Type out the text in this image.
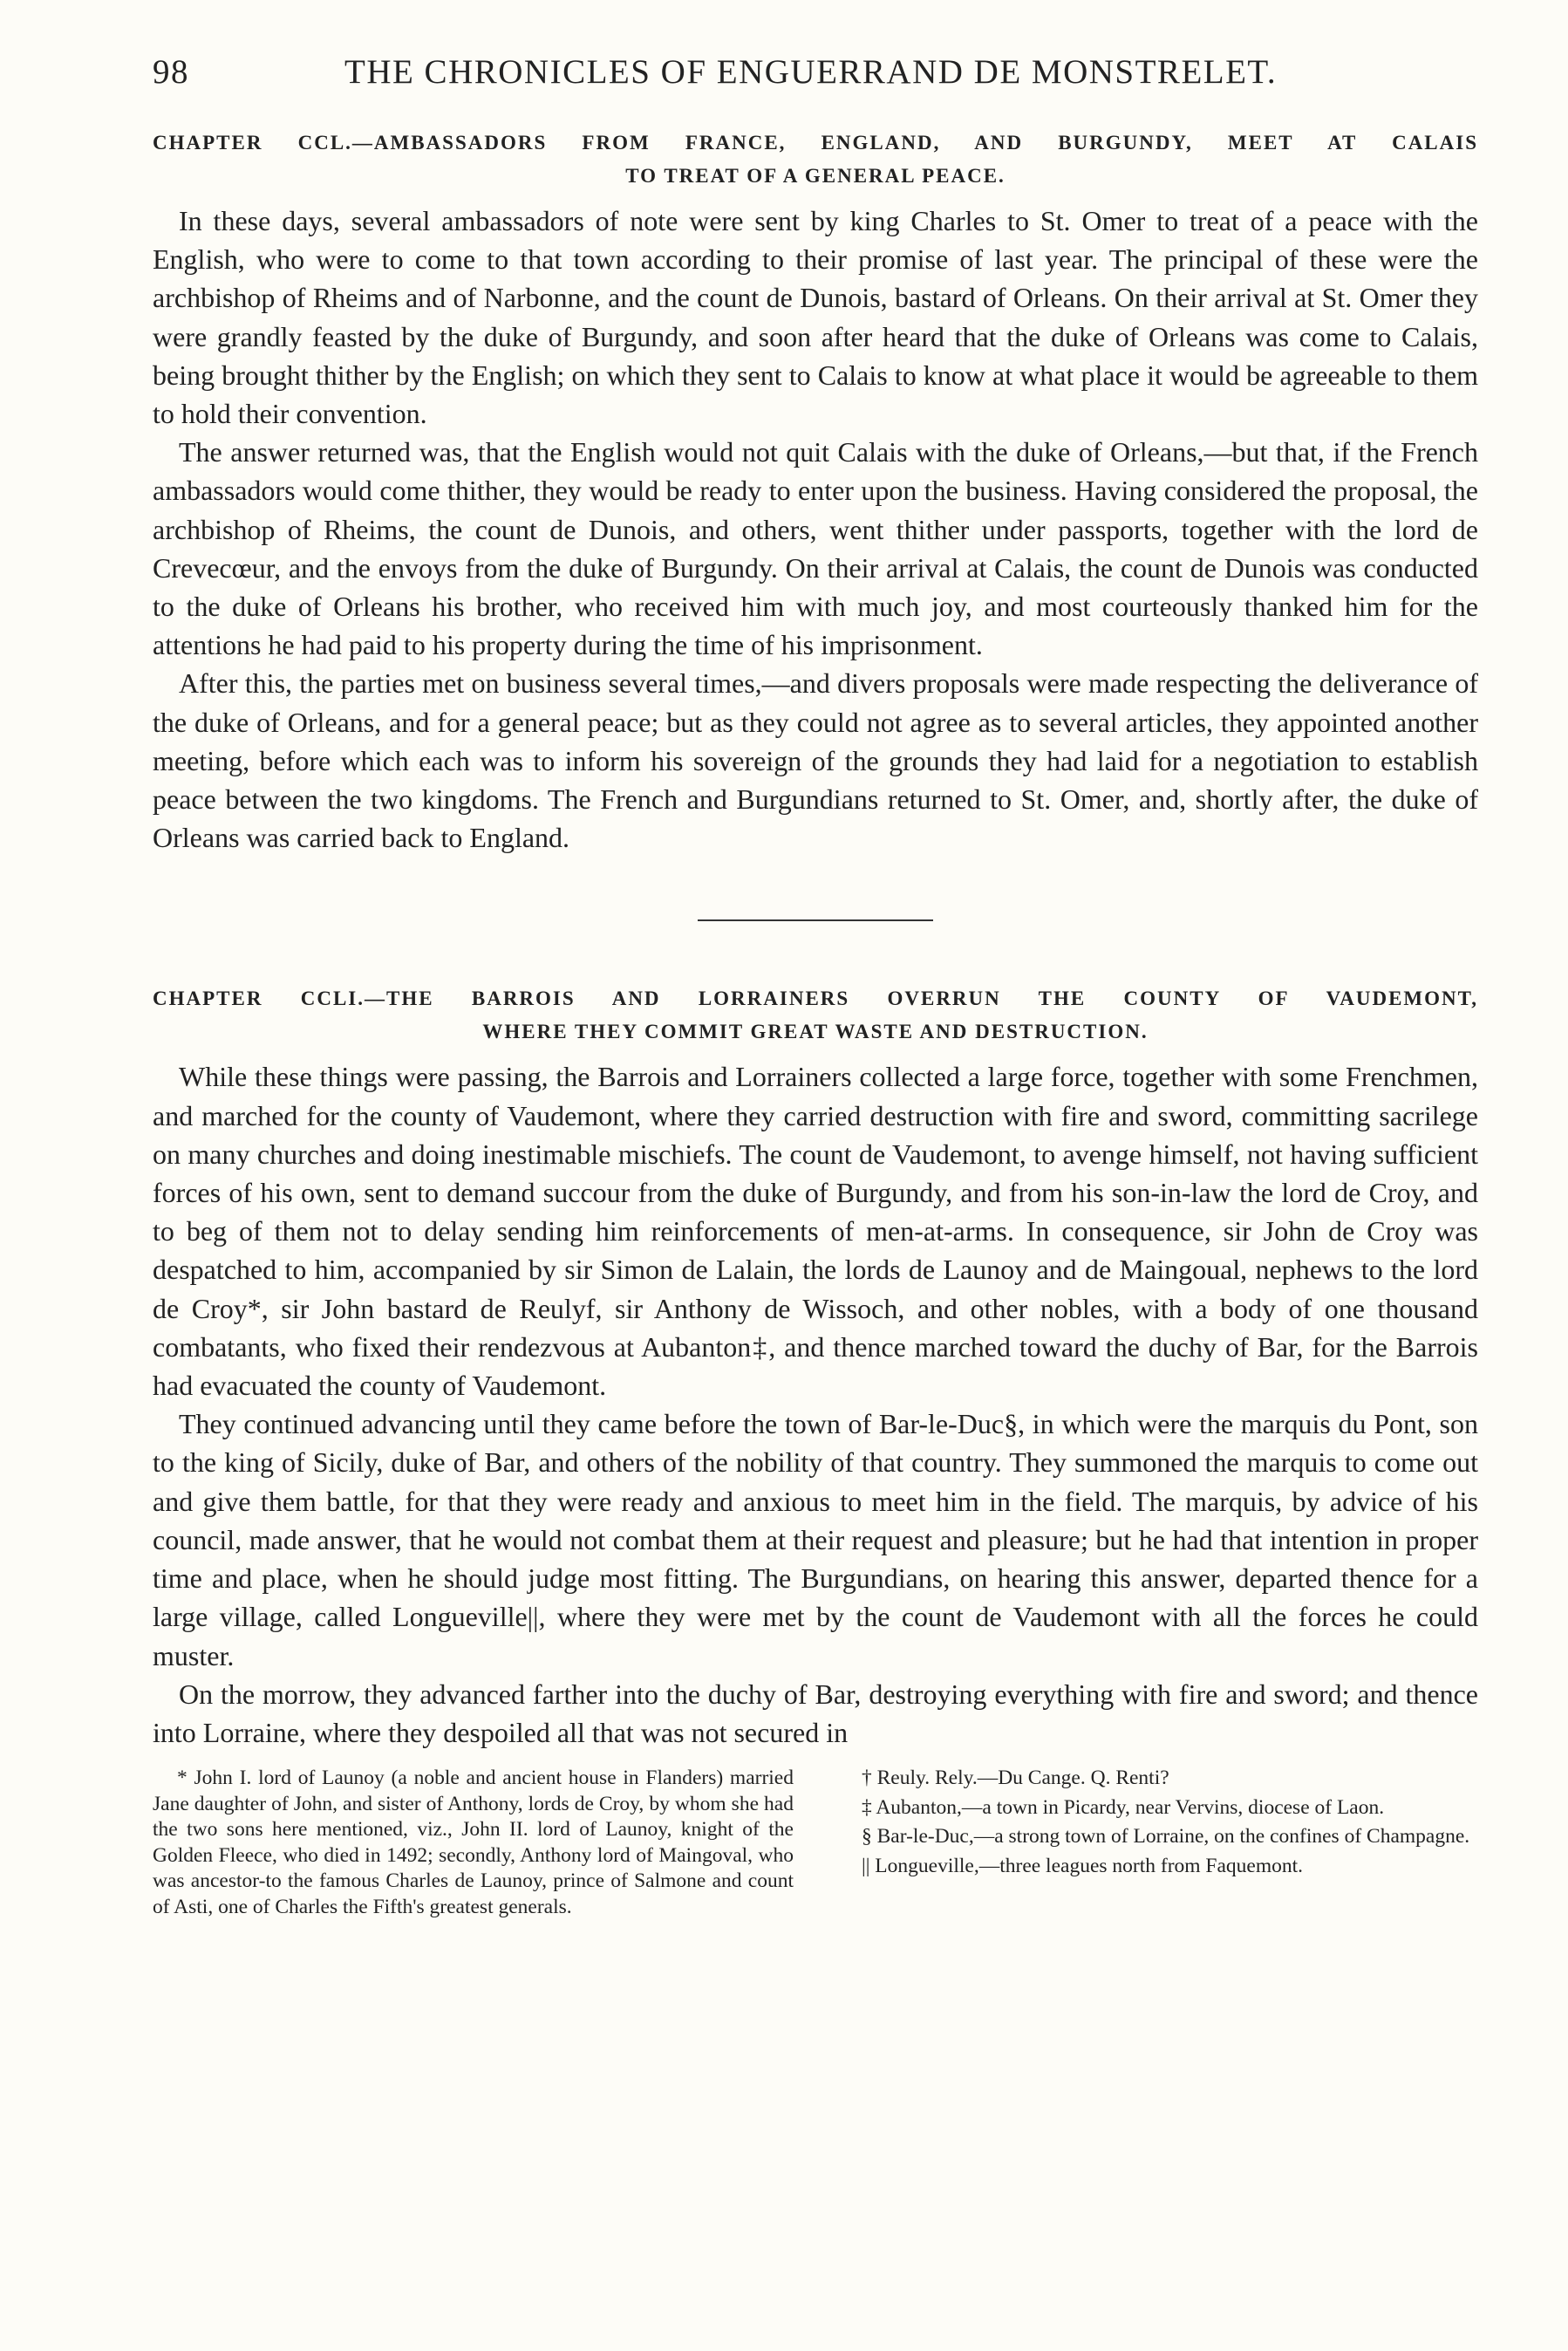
98	THE CHRONICLES OF ENGUERRAND DE MONSTRELET.
CHAPTER CCL.—AMBASSADORS FROM FRANCE, ENGLAND, AND BURGUNDY, MEET AT CALAIS
TO TREAT OF A GENERAL PEACE.

In these days, several ambassadors of note were sent by king Charles to St. Omer to treat of a peace with the English, who were to come to that town according to their promise of last year. The principal of these were the archbishop of Rheims and of Narbonne, and the count de Dunois, bastard of Orleans. On their arrival at St. Omer they were grandly feasted by the duke of Burgundy, and soon after heard that the duke of Orleans was come to Calais, being brought thither by the English; on which they sent to Calais to know at what place it would be agreeable to them to hold their convention.

The answer returned was, that the English would not quit Calais with the duke of Orleans,—but that, if the French ambassadors would come thither, they would be ready to enter upon the business. Having considered the proposal, the archbishop of Rheims, the count de Dunois, and others, went thither under passports, together with the lord de Crevecœur, and the envoys from the duke of Burgundy. On their arrival at Calais, the count de Dunois was conducted to the duke of Orleans his brother, who received him with much joy, and most courteously thanked him for the attentions he had paid to his property during the time of his imprisonment.

After this, the parties met on business several times,—and divers proposals were made respecting the deliverance of the duke of Orleans, and for a general peace; but as they could not agree as to several articles, they appointed another meeting, before which each was to inform his sovereign of the grounds they had laid for a negotiation to establish peace between the two kingdoms. The French and Burgundians returned to St. Omer, and, shortly after, the duke of Orleans was carried back to England.

CHAPTER CCLI.—THE BARROIS AND LORRAINERS OVERRUN THE COUNTY OF VAUDEMONT,
WHERE THEY COMMIT GREAT WASTE AND DESTRUCTION.

While these things were passing, the Barrois and Lorrainers collected a large force, together with some Frenchmen, and marched for the county of Vaudemont, where they carried destruction with fire and sword, committing sacrilege on many churches and doing inestimable mischiefs. The count de Vaudemont, to avenge himself, not having sufficient forces of his own, sent to demand succour from the duke of Burgundy, and from his son-in-law the lord de Croy, and to beg of them not to delay sending him reinforcements of men-at-arms. In consequence, sir John de Croy was despatched to him, accompanied by sir Simon de Lalain, the lords de Launoy and de Maingoual, nephews to the lord de Croy*, sir John bastard de Reulyf, sir Anthony de Wissoch, and other nobles, with a body of one thousand combatants, who fixed their rendezvous at Aubanton‡, and thence marched toward the duchy of Bar, for the Barrois had evacuated the county of Vaudemont.

They continued advancing until they came before the town of Bar-le-Duc§, in which were the marquis du Pont, son to the king of Sicily, duke of Bar, and others of the nobility of that country. They summoned the marquis to come out and give them battle, for that they were ready and anxious to meet him in the field. The marquis, by advice of his council, made answer, that he would not combat them at their request and pleasure; but he had that intention in proper time and place, when he should judge most fitting. The Burgundians, on hearing this answer, departed thence for a large village, called Longueville||, where they were met by the count de Vaudemont with all the forces he could muster.

On the morrow, they advanced farther into the duchy of Bar, destroying everything with fire and sword; and thence into Lorraine, where they despoiled all that was not secured in

* John I. lord of Launoy (a noble and ancient house in Flanders) married Jane daughter of John, and sister of Anthony, lords de Croy, by whom she had the two sons here mentioned, viz., John II. lord of Launoy, knight of the Golden Fleece, who died in 1492; secondly, Anthony lord of Maingoval, who was ancestor-to the famous Charles de Launoy, prince of Salmone and count of Asti, one of Charles the Fifth's greatest generals.

† Reuly. Rely.—Du Cange. Q. Renti?

‡ Aubanton,—a town in Picardy, near Vervins, diocese of Laon.

§ Bar-le-Duc,—a strong town of Lorraine, on the confines of Champagne.

|| Longueville,—three leagues north from Faquemont.
